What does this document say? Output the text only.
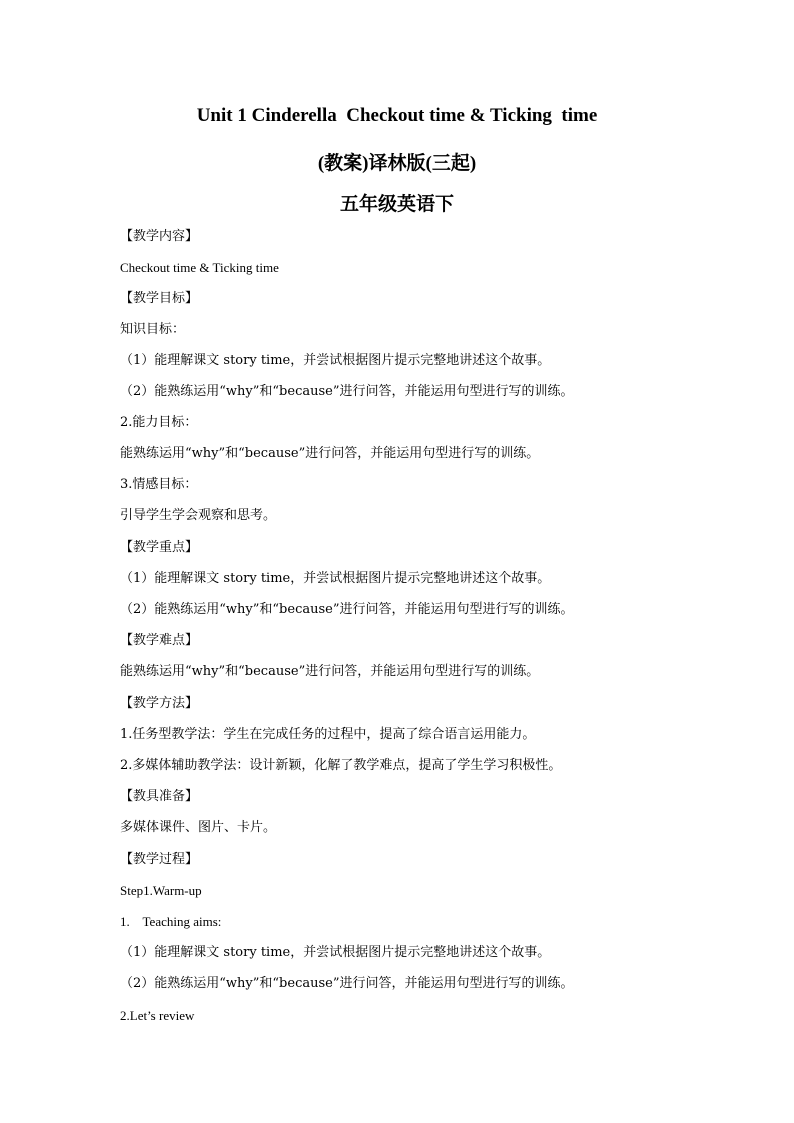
Unit 1 Cinderella  Checkout time & Ticking  time
(教案)译林版(三起)
五年级英语下
【教学内容】
Checkout time & Ticking time
【教学目标】
知识目标：
（1）能理解课文 story time，并尝试根据图片提示完整地讲述这个故事。
（2）能熟练运用“why”和“because”进行问答，并能运用句型进行写的训练。
2.能力目标：
能熟练运用“why”和“because”进行问答，并能运用句型进行写的训练。
3.情感目标：
引导学生学会观察和思考。
【教学重点】
（1）能理解课文 story time，并尝试根据图片提示完整地讲述这个故事。
（2）能熟练运用“why”和“because”进行问答，并能运用句型进行写的训练。
【教学难点】
能熟练运用“why”和“because”进行问答，并能运用句型进行写的训练。
【教学方法】
1.任务型教学法：学生在完成任务的过程中，提高了综合语言运用能力。
2.多媒体辅助教学法：设计新颖，化解了教学难点，提高了学生学习积极性。
【教具准备】
多媒体课件、图片、卡片。
【教学过程】
Step1.Warm-up
1.    Teaching aims:
（1）能理解课文 story time，并尝试根据图片提示完整地讲述这个故事。
（2）能熟练运用“why”和“because”进行问答，并能运用句型进行写的训练。
2.Let’s review
